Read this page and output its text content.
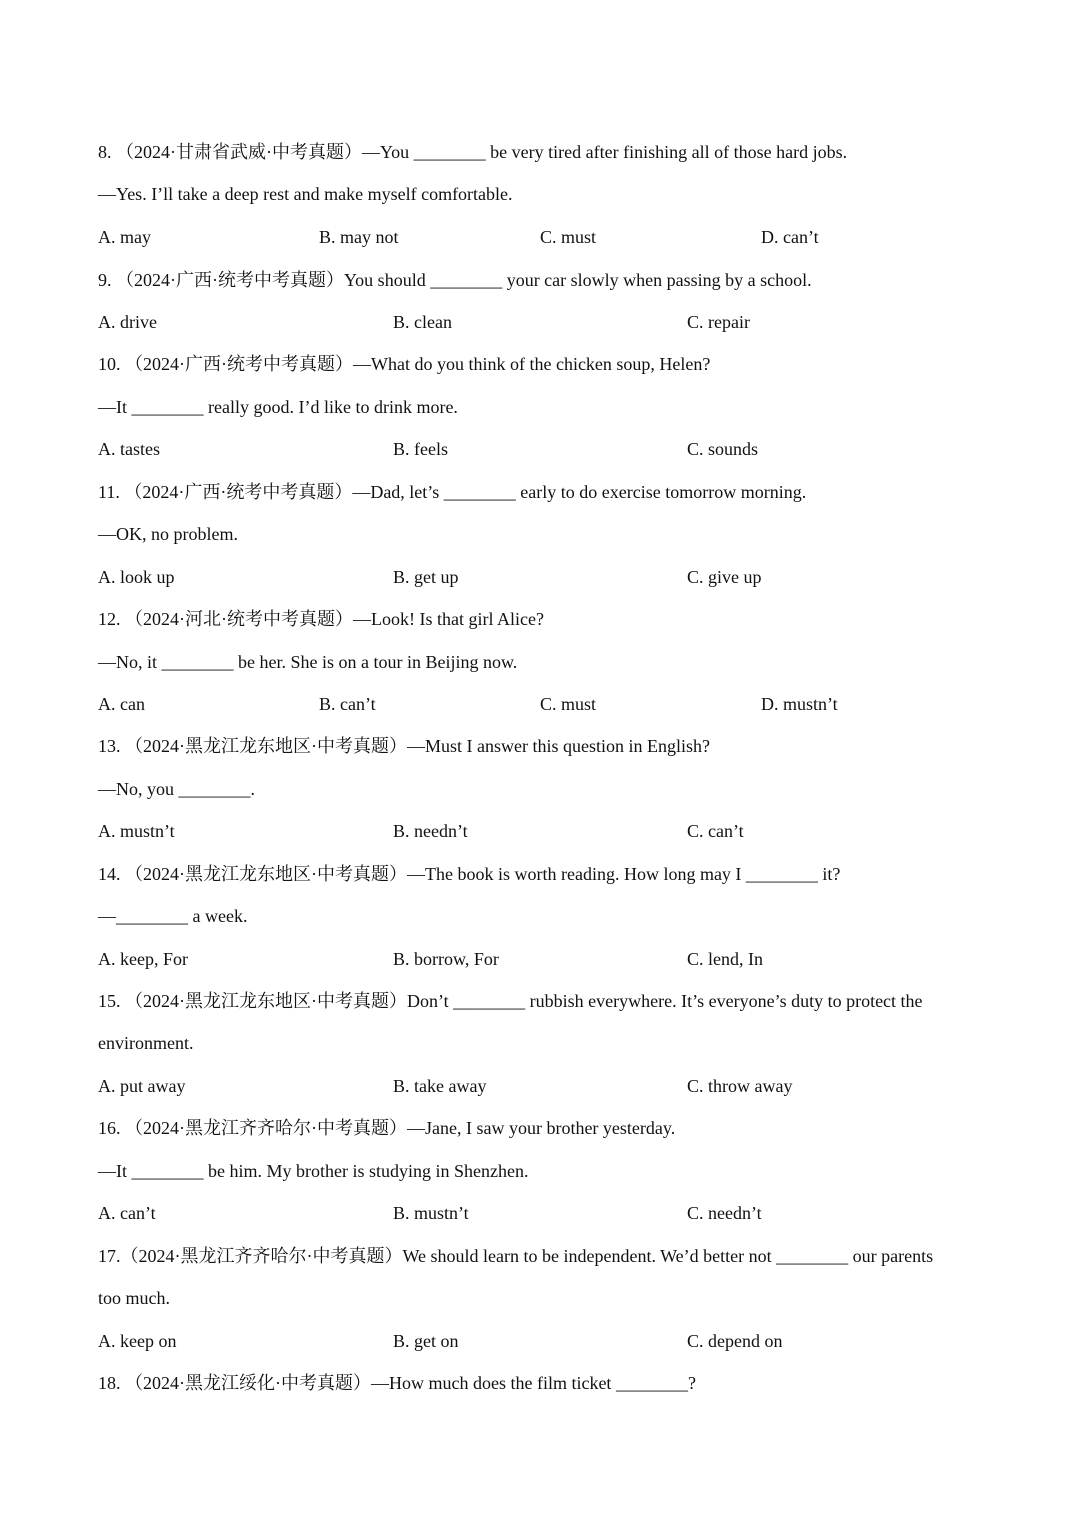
8. （2024·甘肃省武威·中考真题）—You ________ be very tired after finishing all of those hard jobs.
—Yes. I’ll take a deep rest and make myself comfortable.
A. may	B. may not	C. must	D. can’t
9. （2024·广西·统考中考真题）You should ________ your car slowly when passing by a school.
A. drive	B. clean	C. repair
10. （2024·广西·统考中考真题）—What do you think of the chicken soup, Helen?
—It ________ really good. I’d like to drink more.
A. tastes	B. feels	C. sounds
11. （2024·广西·统考中考真题）—Dad, let’s ________ early to do exercise tomorrow morning.
—OK, no problem.
A. look up	B. get up	C. give up
12. （2024·河北·统考中考真题）—Look! Is that girl Alice?
—No, it ________ be her. She is on a tour in Beijing now.
A. can	B. can’t	C. must	D. mustn’t
13. （2024·黑龙江龙东地区·中考真题）—Must I answer this question in English?
—No, you ________.
A. mustn’t	B. needn’t	C. can’t
14. （2024·黑龙江龙东地区·中考真题）—The book is worth reading. How long may I ________ it?
—________ a week.
A. keep, For	B. borrow, For	C. lend, In
15. （2024·黑龙江龙东地区·中考真题）Don’t ________ rubbish everywhere. It’s everyone’s duty to protect the
environment.
A. put away	B. take away	C. throw away
16. （2024·黑龙江齐齐哈尔·中考真题）—Jane, I saw your brother yesterday.
—It ________ be him. My brother is studying in Shenzhen.
A. can’t	B. mustn’t	C. needn’t
17.（2024·黑龙江齐齐哈尔·中考真题）We should learn to be independent. We’d better not ________ our parents
too much.
A. keep on	B. get on	C. depend on
18. （2024·黑龙江绥化·中考真题）—How much does the film ticket ________?
